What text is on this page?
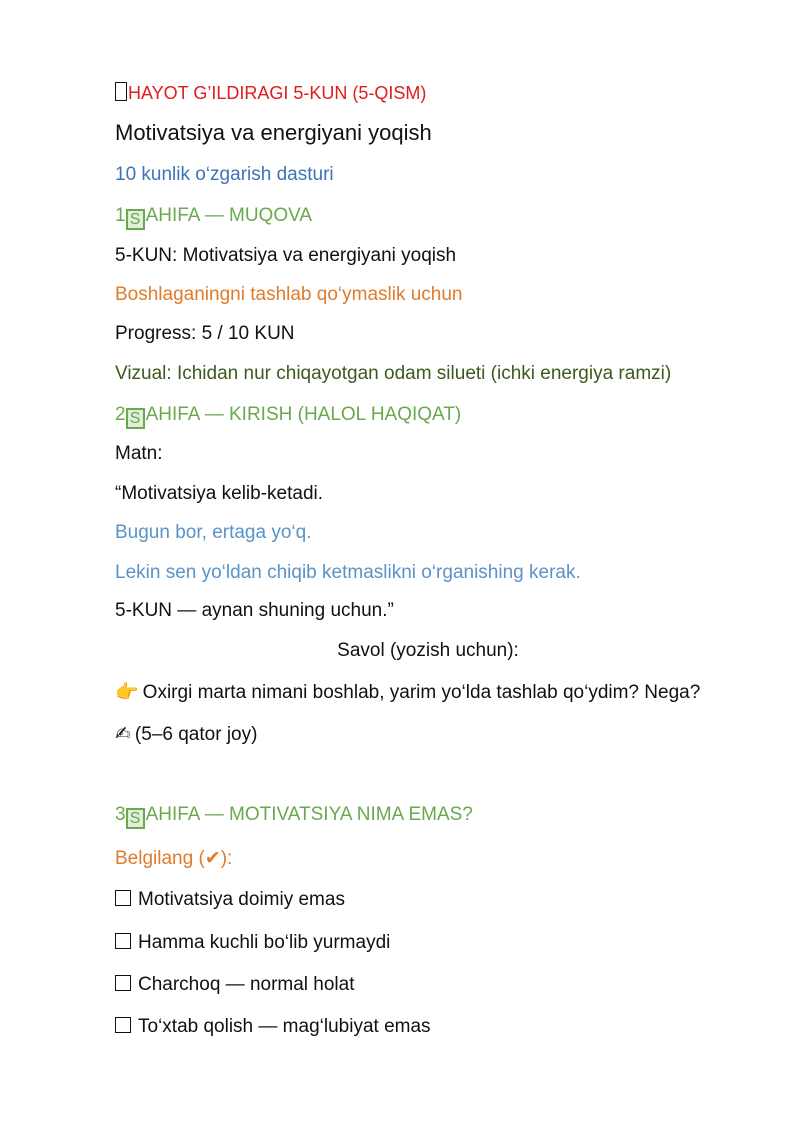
HAYOT G’ILDIRAGI 5-KUN (5-QISM)
Motivatsiya va energiyani yoqish
10 kunlik o‘zgarish dasturi
1 S AHIFA — MUQOVA
5-KUN: Motivatsiya va energiyani yoqish
Boshlaganingni tashlab qo‘ymaslik uchun
Progress: 5 / 10 KUN
Vizual: Ichidan nur chiqayotgan odam silueti (ichki energiya ramzi)
2 S AHIFA — KIRISH (HALOL HAQIQAT)
Matn:
“Motivatsiya kelib-ketadi.
Bugun bor, ertaga yo‘q.
Lekin sen yo‘ldan chiqib ketmaslikni o‘rganishing kerak.
5-KUN — aynan shuning uchun.”
Savol (yozish uchun):
👉 Oxirgi marta nimani boshlab, yarim yo‘lda tashlab qo‘ydim? Nega?
✍ (5–6 qator joy)
3 S AHIFA — MOTIVATSIYA NIMA EMAS?
Belgilang (✔):
Motivatsiya doimiy emas
Hamma kuchli bo‘lib yurmaydi
Charchoq — normal holat
To‘xtab qolish — mag‘lubiyat emas
